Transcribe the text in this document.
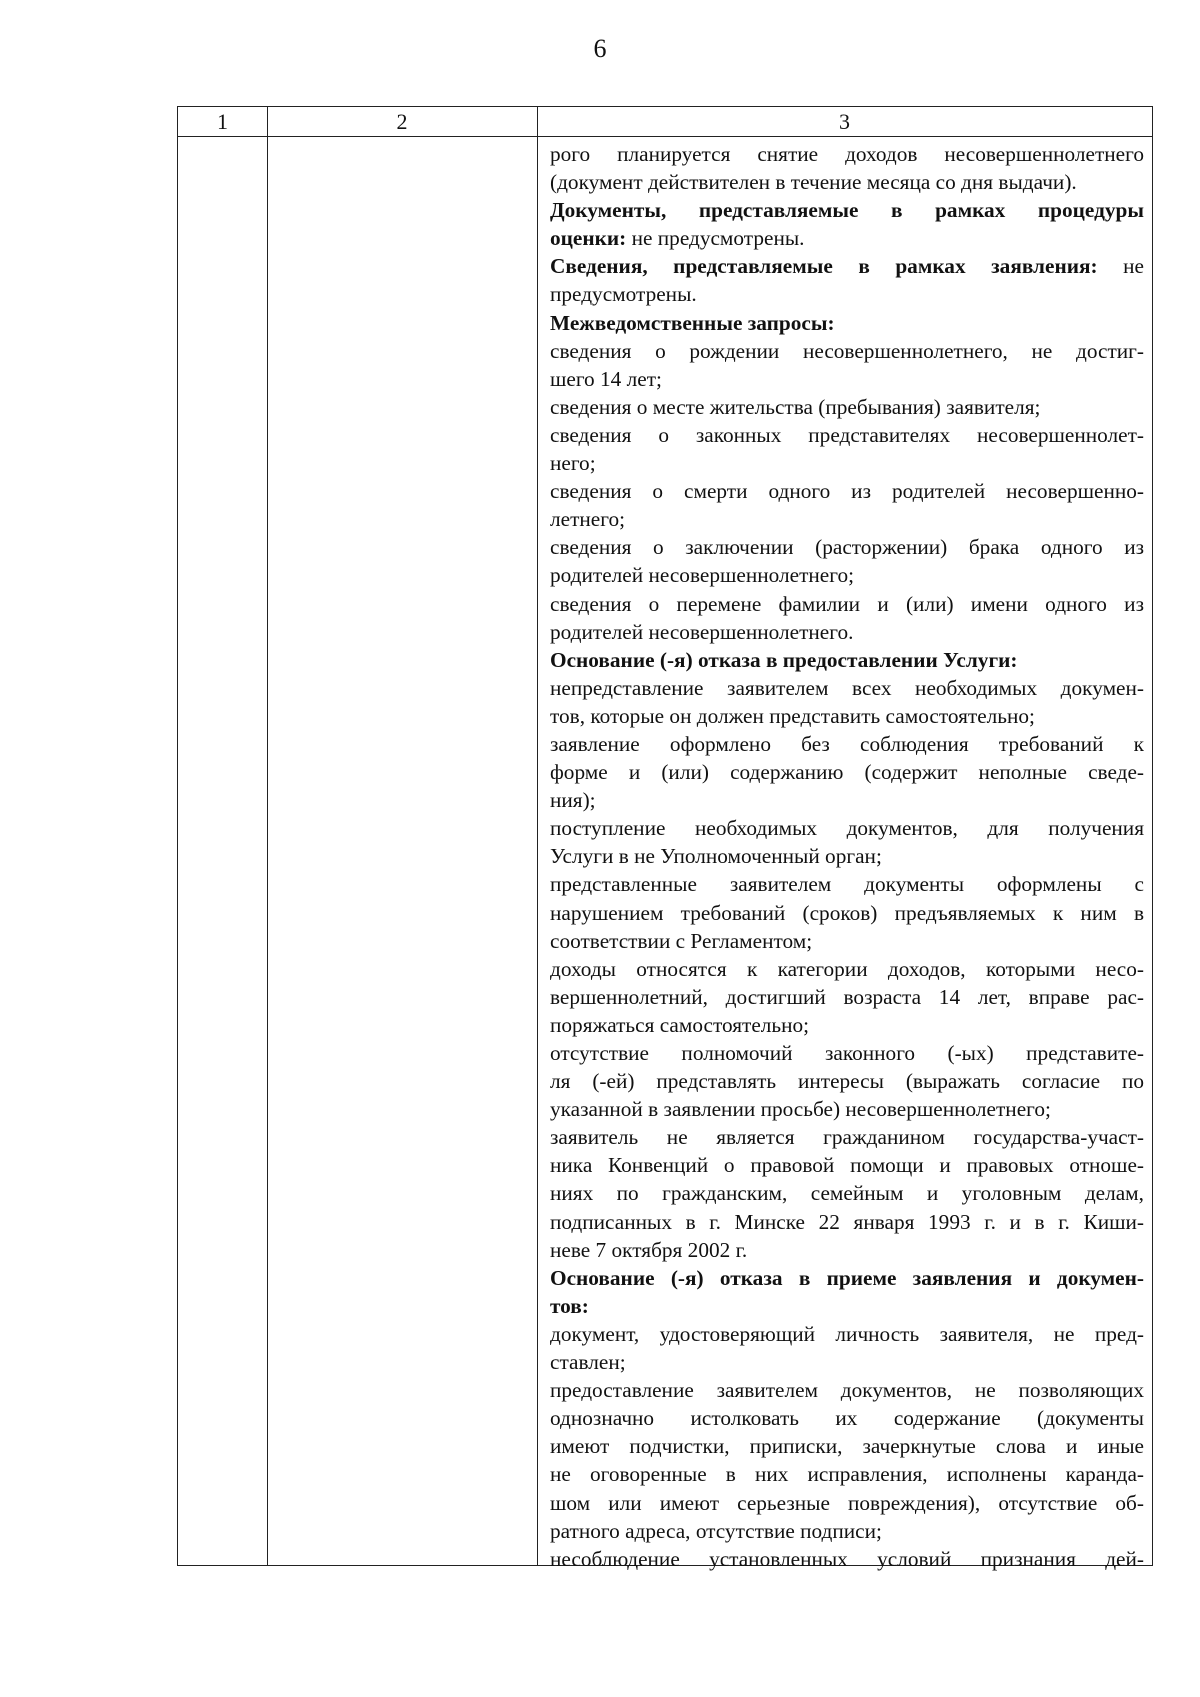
6
1	2	3
рого планируется снятие доходов несовершеннолетнего
(документ действителен в течение месяца со дня выдачи).
Документы, представляемые в рамках процедуры
оценки: не предусмотрены.
Сведения, представляемые в рамках заявления: не
предусмотрены.
Межведомственные запросы:
сведения о рождении несовершеннолетнего, не достиг-
шего 14 лет;
сведения о месте жительства (пребывания) заявителя;
сведения о законных представителях несовершеннолет-
него;
сведения о смерти одного из родителей несовершенно-
летнего;
сведения о заключении (расторжении) брака одного из
родителей несовершеннолетнего;
сведения о перемене фамилии и (или) имени одного из
родителей несовершеннолетнего.
Основание (-я) отказа в предоставлении Услуги:
непредставление заявителем всех необходимых докумен-
тов, которые он должен представить самостоятельно;
заявление оформлено без соблюдения требований к
форме и (или) содержанию (содержит неполные сведе-
ния);
поступление необходимых документов, для получения
Услуги в не Уполномоченный орган;
представленные заявителем документы оформлены с
нарушением требований (сроков) предъявляемых к ним в
соответствии с Регламентом;
доходы относятся к категории доходов, которыми несо-
вершеннолетний, достигший возраста 14 лет, вправе рас-
поряжаться самостоятельно;
отсутствие полномочий законного (-ых) представите-
ля (-ей) представлять интересы (выражать согласие по
указанной в заявлении просьбе) несовершеннолетнего;
заявитель не является гражданином государства-участ-
ника Конвенций о правовой помощи и правовых отноше-
ниях по гражданским, семейным и уголовным делам,
подписанных в г. Минске 22 января 1993 г. и в г. Киши-
неве 7 октября 2002 г.
Основание (-я) отказа в приеме заявления и докумен-
тов:
документ, удостоверяющий личность заявителя, не пред-
ставлен;
предоставление заявителем документов, не позволяющих
однозначно истолковать их содержание (документы
имеют подчистки, приписки, зачеркнутые слова и иные
не оговоренные в них исправления, исполнены каранда-
шом или имеют серьезные повреждения), отсутствие об-
ратного адреса, отсутствие подписи;
несоблюдение установленных условий признания дей-
